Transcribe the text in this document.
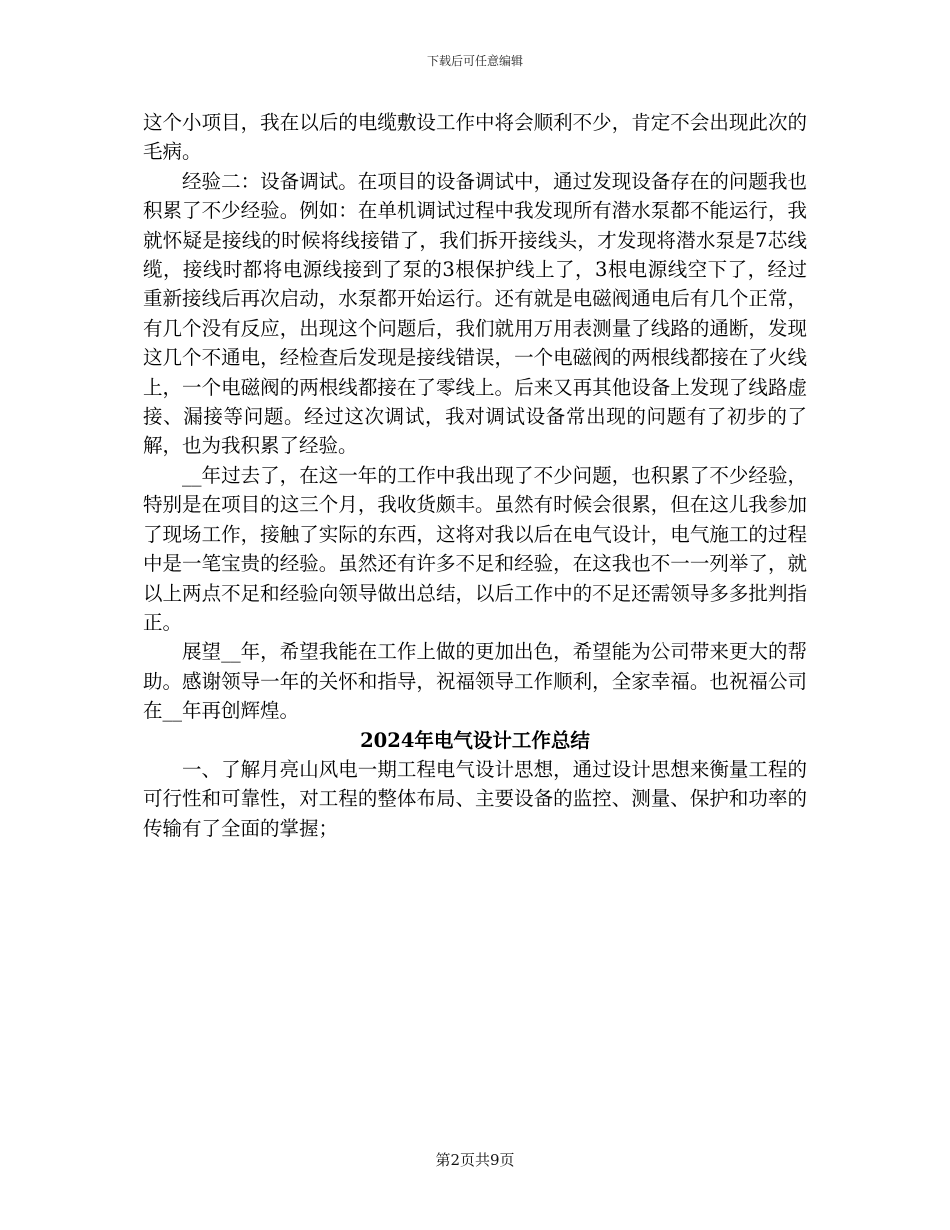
下载后可任意编辑

这个小项目，我在以后的电缆敷设工作中将会顺利不少，肯定不会出现此次的毛病。

经验二：设备调试。在项目的设备调试中，通过发现设备存在的问题我也积累了不少经验。例如：在单机调试过程中我发现所有潜水泵都不能运行，我就怀疑是接线的时候将线接错了，我们拆开接线头，才发现将潜水泵是7芯线缆，接线时都将电源线接到了泵的3根保护线上了，3根电源线空下了，经过重新接线后再次启动，水泵都开始运行。还有就是电磁阀通电后有几个正常，有几个没有反应，出现这个问题后，我们就用万用表测量了线路的通断，发现这几个不通电，经检查后发现是接线错误，一个电磁阀的两根线都接在了火线上，一个电磁阀的两根线都接在了零线上。后来又再其他设备上发现了线路虚接、漏接等问题。经过这次调试，我对调试设备常出现的问题有了初步的了解，也为我积累了经验。

__年过去了，在这一年的工作中我出现了不少问题，也积累了不少经验，特别是在项目的这三个月，我收货颇丰。虽然有时候会很累，但在这儿我参加了现场工作，接触了实际的东西，这将对我以后在电气设计，电气施工的过程中是一笔宝贵的经验。虽然还有许多不足和经验，在这我也不一一列举了，就以上两点不足和经验向领导做出总结，以后工作中的不足还需领导多多批判指正。

展望__年，希望我能在工作上做的更加出色，希望能为公司带来更大的帮助。感谢领导一年的关怀和指导，祝福领导工作顺利，全家幸福。也祝福公司在__年再创辉煌。

2024年电气设计工作总结

一、了解月亮山风电一期工程电气设计思想，通过设计思想来衡量工程的可行性和可靠性，对工程的整体布局、主要设备的监控、测量、保护和功率的传输有了全面的掌握；

第2页共9页
